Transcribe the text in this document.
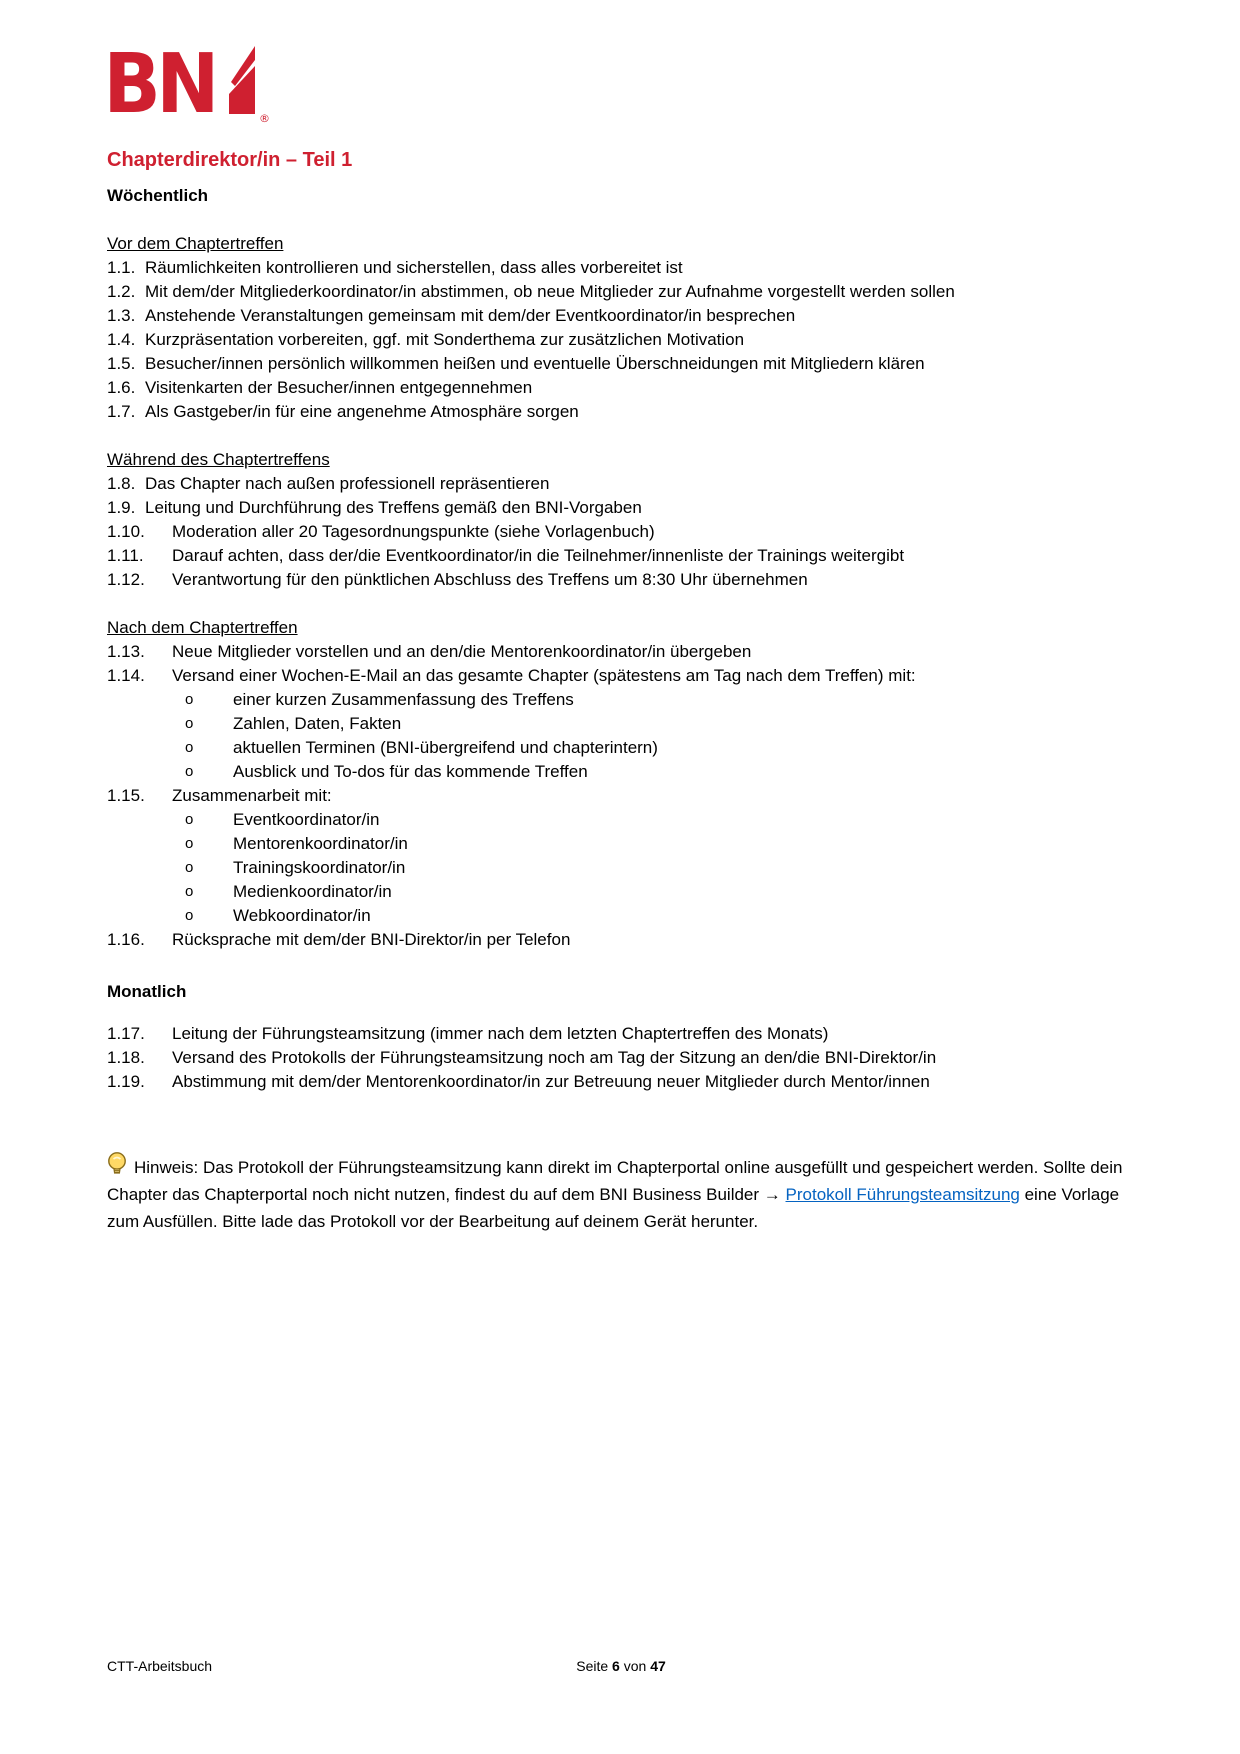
BN	®
Chapterdirektor/in – Teil 1
Wöchentlich
Vor dem Chaptertreffen
1.1. Räumlichkeiten kontrollieren und sicherstellen, dass alles vorbereitet ist
1.2. Mit dem/der Mitgliederkoordinator/in abstimmen, ob neue Mitglieder zur Aufnahme vorgestellt werden sollen
1.3. Anstehende Veranstaltungen gemeinsam mit dem/der Eventkoordinator/in besprechen
1.4. Kurzpräsentation vorbereiten, ggf. mit Sonderthema zur zusätzlichen Motivation
1.5. Besucher/innen persönlich willkommen heißen und eventuelle Überschneidungen mit Mitgliedern klären
1.6. Visitenkarten der Besucher/innen entgegennehmen
1.7. Als Gastgeber/in für eine angenehme Atmosphäre sorgen
Während des Chaptertreffens
1.8. Das Chapter nach außen professionell repräsentieren
1.9. Leitung und Durchführung des Treffens gemäß den BNI-Vorgaben
1.10.	Moderation aller 20 Tagesordnungspunkte (siehe Vorlagenbuch)
1.11.	Darauf achten, dass der/die Eventkoordinator/in die Teilnehmer/innenliste der Trainings weitergibt
1.12.	Verantwortung für den pünktlichen Abschluss des Treffens um 8:30 Uhr übernehmen
Nach dem Chaptertreffen
1.13.	Neue Mitglieder vorstellen und an den/die Mentorenkoordinator/in übergeben
1.14.	Versand einer Wochen-E-Mail an das gesamte Chapter (spätestens am Tag nach dem Treffen) mit:
o	einer kurzen Zusammenfassung des Treffens
o	Zahlen, Daten, Fakten
o	aktuellen Terminen (BNI-übergreifend und chapterintern)
o	Ausblick und To-dos für das kommende Treffen
1.15.	Zusammenarbeit mit:
o	Eventkoordinator/in
o	Mentorenkoordinator/in
o	Trainingskoordinator/in
o	Medienkoordinator/in
o	Webkoordinator/in
1.16.	Rücksprache mit dem/der BNI-Direktor/in per Telefon
Monatlich
1.17.	Leitung der Führungsteamsitzung (immer nach dem letzten Chaptertreffen des Monats)
1.18.	Versand des Protokolls der Führungsteamsitzung noch am Tag der Sitzung an den/die BNI-Direktor/in
1.19.	Abstimmung mit dem/der Mentorenkoordinator/in zur Betreuung neuer Mitglieder durch Mentor/innen
Hinweis: Das Protokoll der Führungsteamsitzung kann direkt im Chapterportal online ausgefüllt und gespeichert werden. Sollte dein Chapter das Chapterportal noch nicht nutzen, findest du auf dem BNI Business Builder → Protokoll Führungsteamsitzung eine Vorlage zum Ausfüllen. Bitte lade das Protokoll vor der Bearbeitung auf deinem Gerät herunter.
CTT-Arbeitsbuch	Seite 6 von 47
